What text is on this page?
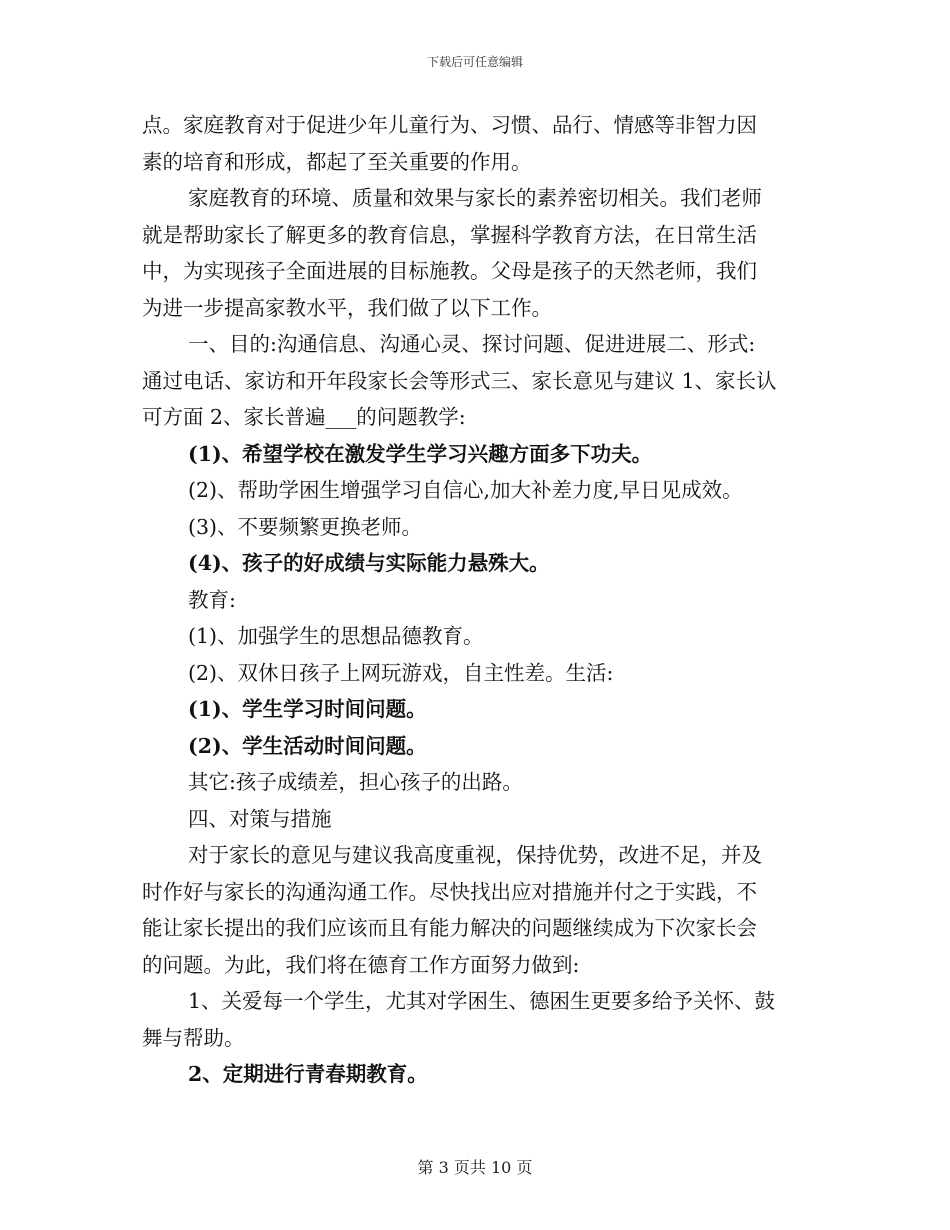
下载后可任意编辑
点。家庭教育对于促进少年儿童行为、习惯、品行、情感等非智力因
素的培育和形成，都起了至关重要的作用。
家庭教育的环境、质量和效果与家长的素养密切相关。我们老师
就是帮助家长了解更多的教育信息，掌握科学教育方法，在日常生活
中，为实现孩子全面进展的目标施教。父母是孩子的天然老师，我们
为进一步提高家教水平，我们做了以下工作。
一、目的:沟通信息、沟通心灵、探讨问题、促进进展二、形式:
通过电话、家访和开年段家长会等形式三、家长意见与建议 1、家长认
可方面 2、家长普遍___的问题教学:
(1)、希望学校在激发学生学习兴趣方面多下功夫。
(2)、帮助学困生增强学习自信心,加大补差力度,早日见成效。
(3)、不要频繁更换老师。
(4)、孩子的好成绩与实际能力悬殊大。
教育:
(1)、加强学生的思想品德教育。
(2)、双休日孩子上网玩游戏，自主性差。生活:
(1)、学生学习时间问题。
(2)、学生活动时间问题。
其它:孩子成绩差，担心孩子的出路。
四、对策与措施
对于家长的意见与建议我高度重视，保持优势，改进不足，并及
时作好与家长的沟通沟通工作。尽快找出应对措施并付之于实践，不
能让家长提出的我们应该而且有能力解决的问题继续成为下次家长会
的问题。为此，我们将在德育工作方面努力做到:
1、关爱每一个学生，尤其对学困生、德困生更要多给予关怀、鼓
舞与帮助。
2、定期进行青春期教育。
第 3 页共 10 页
